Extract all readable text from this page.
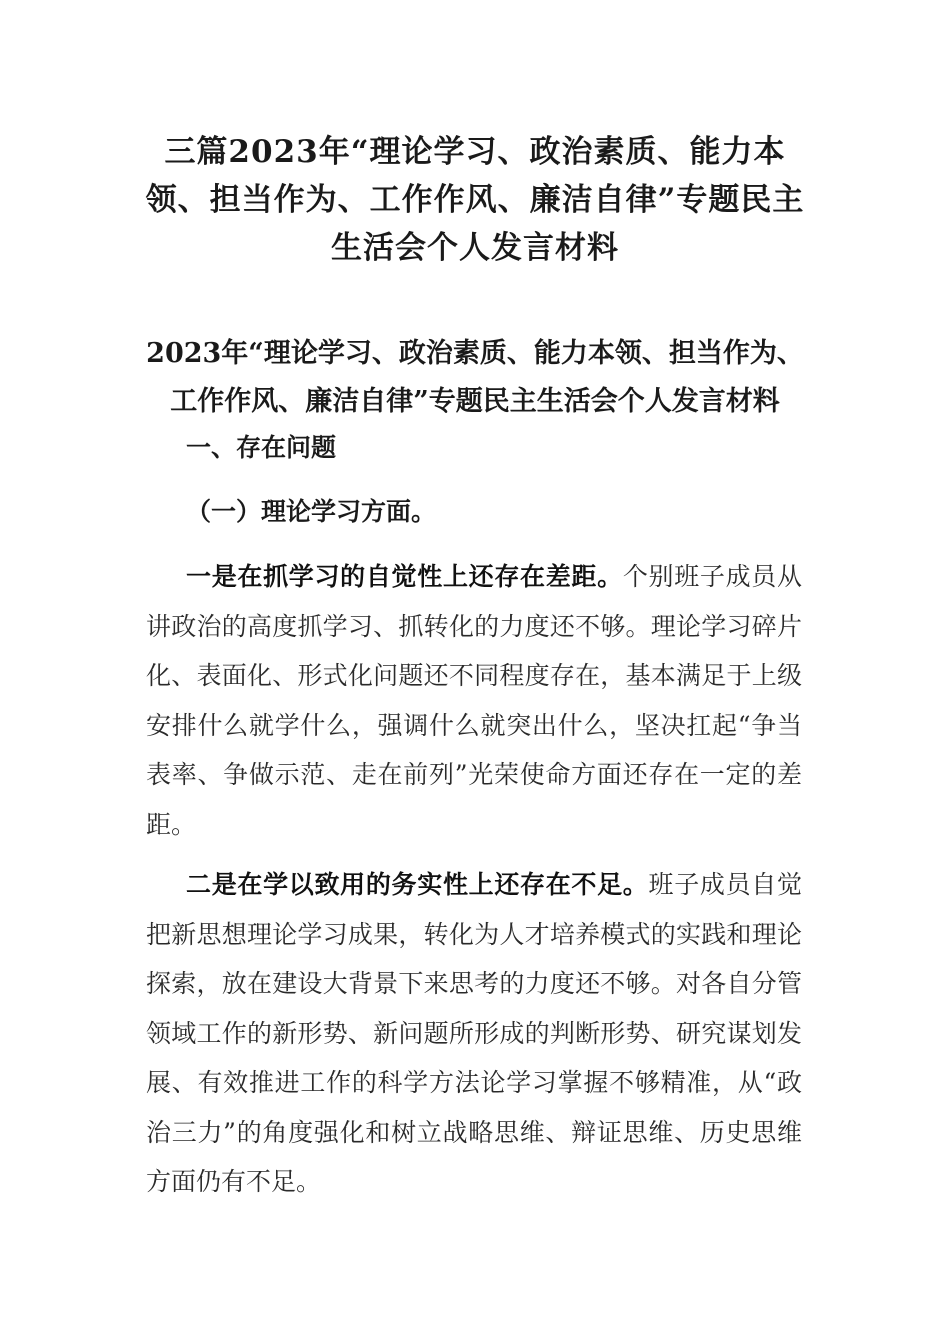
三篇2023年“理论学习、政治素质、能力本领、担当作为、工作作风、廉洁自律”专题民主生活会个人发言材料
2023年“理论学习、政治素质、能力本领、担当作为、工作作风、廉洁自律”专题民主生活会个人发言材料
一、存在问题
（一）理论学习方面。

一是在抓学习的自觉性上还存在差距。个别班子成员从讲政治的高度抓学习、抓转化的力度还不够。理论学习碎片化、表面化、形式化问题还不同程度存在，基本满足于上级安排什么就学什么，强调什么就突出什么，坚决扛起“争当表率、争做示范、走在前列”光荣使命方面还存在一定的差距。

二是在学以致用的务实性上还存在不足。班子成员自觉把新思想理论学习成果，转化为人才培养模式的实践和理论探索，放在建设大背景下来思考的力度还不够。对各自分管领域工作的新形势、新问题所形成的判断形势、研究谋划发展、有效推进工作的科学方法论学习掌握不够精准，从“政治三力”的角度强化和树立战略思维、辩证思维、历史思维方面仍有不足。
